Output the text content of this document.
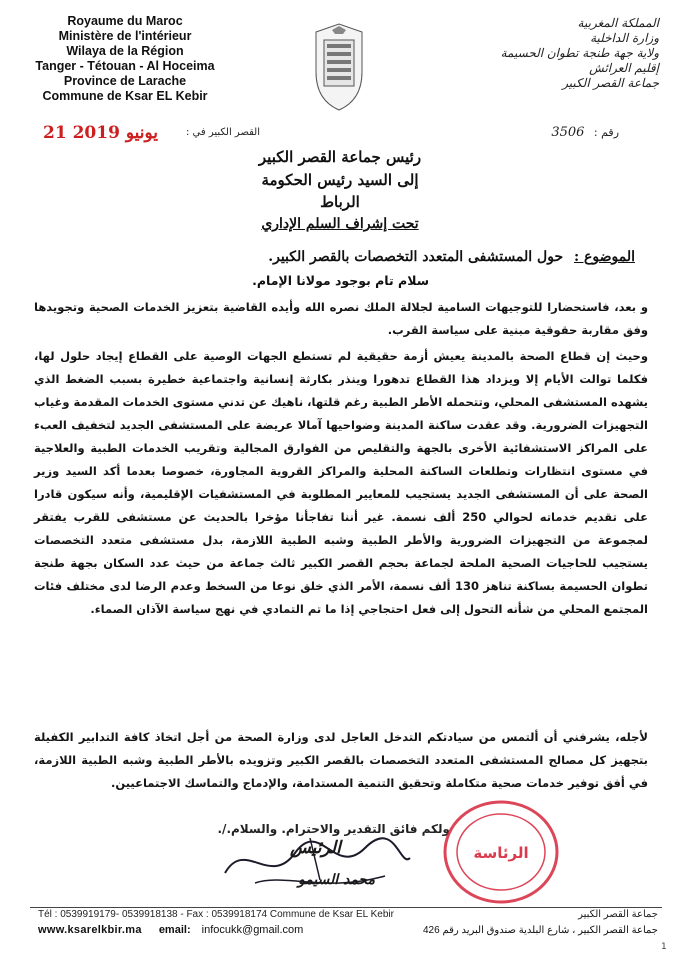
Royaume du Maroc
Ministère de l'intérieur
Wilaya de la Région
Tanger - Tétouan - Al Hoceima
Province de Larache
Commune de Ksar EL Kebir
المملكة المغربية
وزارة الداخلية
ولاية جهة طنجة تطوان الحسيمة
إقليم العرائش
جماعة القصر الكبير
21 يونيو 2019	القصر الكبير في :	رقم : 3506
رئيس جماعة القصر الكبير
إلى السيد رئيس الحكومة
الرباط
تحت إشراف السلم الإداري
الموضوع : حول المستشفى المتعدد التخصصات بالقصر الكبير.
سلام تام بوجود مولانا الإمام.
و بعد، فاستحضارا للتوجيهات السامية لجلالة الملك نصره الله وأيده القاضية بتعزيز الخدمات الصحية وتجويدها وفق مقاربة حقوقية مبنية على سياسة القرب.
وحيث إن قطاع الصحة بالمدينة يعيش أزمة حقيقية لم تستطع الجهات الوصية على القطاع إيجاد حلول لها، فكلما توالت الأيام إلا ويزداد هذا القطاع تدهورا وينذر بكارثة إنسانية واجتماعية خطيرة بسبب الضغط الذي يشهده المستشفى المحلي، وتتحمله الأطر الطبية رغم قلتها، ناهيك عن تدني مستوى الخدمات المقدمة وغياب التجهيزات الضرورية. وقد عقدت ساكنة المدينة وضواحيها آمالا عريضة على المستشفى الجديد لتخفيف العبء على المراكز الاستشفائية الأخرى بالجهة والتقليص من الفوارق المجالية وتقريب الخدمات الطبية والعلاجية في مستوى انتظارات وتطلعات الساكنة المحلية والمراكز القروية المجاورة، خصوصا بعدما أكد السيد وزير الصحة على أن المستشفى الجديد يستجيب للمعايير المطلوبة في المستشفيات الإقليمية، وأنه سيكون قادرا على تقديم خدماته لحوالي 250 ألف نسمة. غير أننا تفاجأنا مؤخرا بالحديث عن مستشفى للقرب يفتقر لمجموعة من التجهيزات الضرورية والأطر الطبية وشبه الطبية اللازمة، بدل مستشفى متعدد التخصصات يستجيب للحاجيات الصحية الملحة لجماعة بحجم القصر الكبير ثالث جماعة من حيث عدد السكان بجهة طنجة تطوان الحسيمة بساكنة تناهز 130 ألف نسمة، الأمر الذي خلق نوعا من السخط وعدم الرضا لدى مختلف فئات المجتمع المحلي من شأنه التحول إلى فعل احتجاجي إذا ما تم التمادي في نهج سياسة الآذان الصماء.
لأجله، يشرفني أن ألتمس من سيادتكم التدخل العاجل لدى وزارة الصحة من أجل اتخاذ كافة التدابير الكفيلة بتجهيز كل مصالح المستشفى المتعدد التخصصات بالقصر الكبير وتزويده بالأطر الطبية وشبه الطبية اللازمة، في أفق توفير خدمات صحية متكاملة وتحقيق التنمية المستدامة، والإدماج والتماسك الاجتماعيين.
ولكم فائق التقدير والاحترام. والسلام./.
الرئيس
محمد السيمو
الرئاسة
Tél : 0539919179- 0539918138 - Fax : 0539918174 Commune de Ksar EL Kebir	جماعة القصر الكبير
www.ksarelkbir.ma email: infocukk@gmail.com	جماعة القصر الكبير ، شارع البلدية صندوق البريد رقم 426
1
